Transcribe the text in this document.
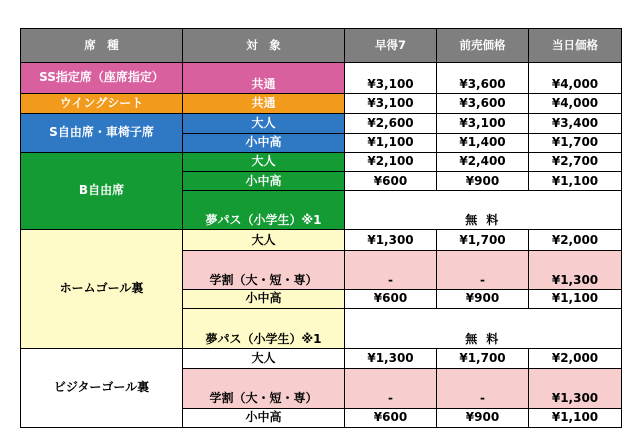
席　種	対　象	早得7	前売価格	当日価格
SS指定席（座席指定）	共通	¥3,100	¥3,600	¥4,000
ウイングシート	共通	¥3,100	¥3,600	¥4,000
S自由席・車椅子席	大人	¥2,600	¥3,100	¥3,400
	小中高	¥1,100	¥1,400	¥1,700
B自由席	大人	¥2,100	¥2,400	¥2,700
	小中高	¥600	¥900	¥1,100
	夢パス（小学生）※1	無 料		
ホームゴール裏	大人	¥1,300	¥1,700	¥2,000
	学割（大・短・専）	-	-	¥1,300
	小中高	¥600	¥900	¥1,100
	夢パス（小学生）※1	無 料		
ビジターゴール裏	大人	¥1,300	¥1,700	¥2,000
	学割（大・短・専）	-	-	¥1,300
	小中高	¥600	¥900	¥1,100
